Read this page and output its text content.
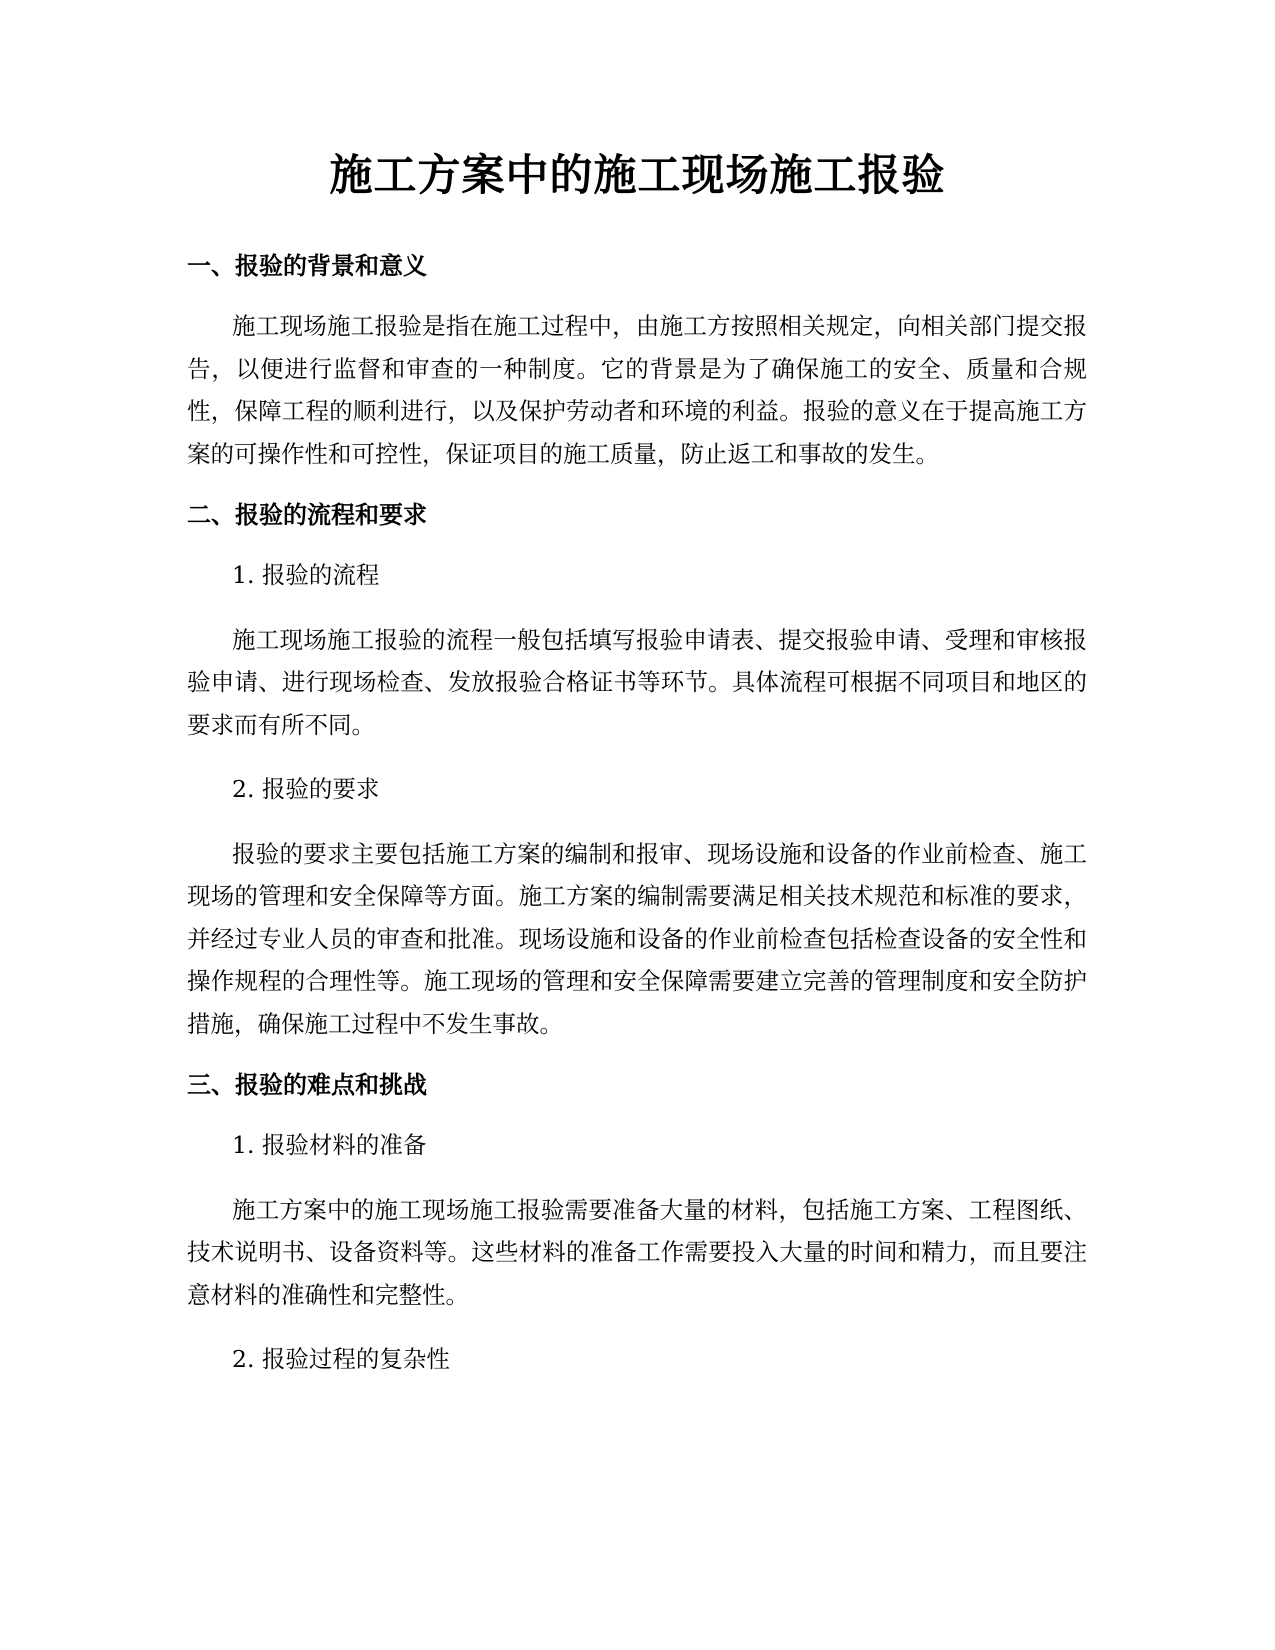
施工方案中的施工现场施工报验
一、报验的背景和意义

施工现场施工报验是指在施工过程中，由施工方按照相关规定，向相关部门提交报告，以便进行监督和审查的一种制度。它的背景是为了确保施工的安全、质量和合规性，保障工程的顺利进行，以及保护劳动者和环境的利益。报验的意义在于提高施工方案的可操作性和可控性，保证项目的施工质量，防止返工和事故的发生。

二、报验的流程和要求

1. 报验的流程

施工现场施工报验的流程一般包括填写报验申请表、提交报验申请、受理和审核报验申请、进行现场检查、发放报验合格证书等环节。具体流程可根据不同项目和地区的要求而有所不同。

2. 报验的要求

报验的要求主要包括施工方案的编制和报审、现场设施和设备的作业前检查、施工现场的管理和安全保障等方面。施工方案的编制需要满足相关技术规范和标准的要求，并经过专业人员的审查和批准。现场设施和设备的作业前检查包括检查设备的安全性和操作规程的合理性等。施工现场的管理和安全保障需要建立完善的管理制度和安全防护措施，确保施工过程中不发生事故。

三、报验的难点和挑战

1. 报验材料的准备

施工方案中的施工现场施工报验需要准备大量的材料，包括施工方案、工程图纸、技术说明书、设备资料等。这些材料的准备工作需要投入大量的时间和精力，而且要注意材料的准确性和完整性。

2. 报验过程的复杂性
